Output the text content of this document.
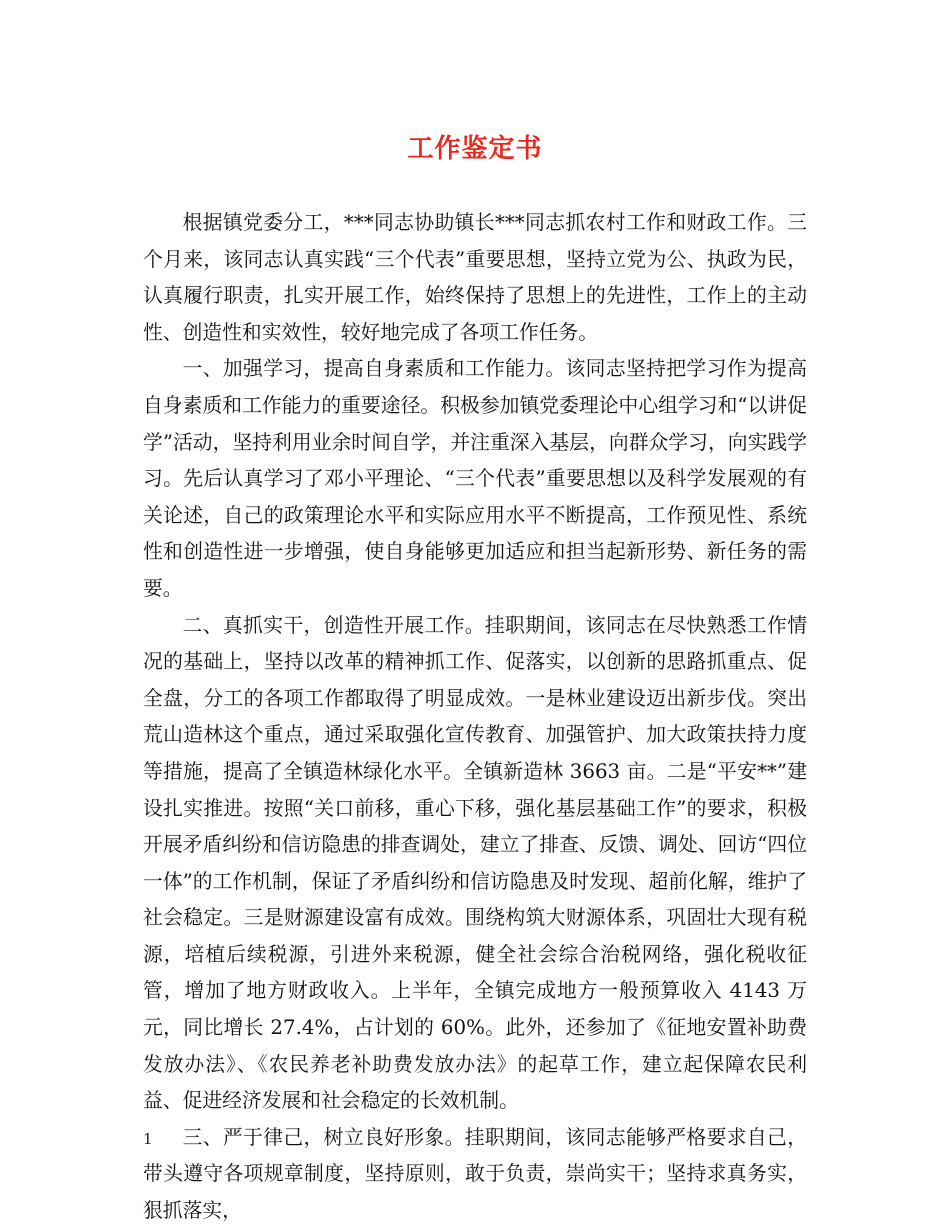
工作鉴定书

根据镇党委分工，***同志协助镇长***同志抓农村工作和财政工作。三个月来，该同志认真实践“三个代表”重要思想，坚持立党为公、执政为民，认真履行职责，扎实开展工作，始终保持了思想上的先进性，工作上的主动性、创造性和实效性，较好地完成了各项工作任务。

一、加强学习，提高自身素质和工作能力。该同志坚持把学习作为提高自身素质和工作能力的重要途径。积极参加镇党委理论中心组学习和“以讲促学”活动，坚持利用业余时间自学，并注重深入基层，向群众学习，向实践学习。先后认真学习了邓小平理论、“三个代表”重要思想以及科学发展观的有关论述，自己的政策理论水平和实际应用水平不断提高，工作预见性、系统性和创造性进一步增强，使自身能够更加适应和担当起新形势、新任务的需要。

二、真抓实干，创造性开展工作。挂职期间，该同志在尽快熟悉工作情况的基础上，坚持以改革的精神抓工作、促落实，以创新的思路抓重点、促全盘，分工的各项工作都取得了明显成效。一是林业建设迈出新步伐。突出荒山造林这个重点，通过采取强化宣传教育、加强管护、加大政策扶持力度等措施，提高了全镇造林绿化水平。全镇新造林 3663 亩。二是“平安**”建设扎实推进。按照“关口前移，重心下移，强化基层基础工作”的要求，积极开展矛盾纠纷和信访隐患的排查调处，建立了排查、反馈、调处、回访“四位一体”的工作机制，保证了矛盾纠纷和信访隐患及时发现、超前化解，维护了社会稳定。三是财源建设富有成效。围绕构筑大财源体系，巩固壮大现有税源，培植后续税源，引进外来税源，健全社会综合治税网络，强化税收征管，增加了地方财政收入。上半年，全镇完成地方一般预算收入 4143 万元，同比增长 27.4%，占计划的 60%。此外，还参加了《征地安置补助费发放办法》、《农民养老补助费发放办法》的起草工作，建立起保障农民利益、促进经济发展和社会稳定的长效机制。

三、严于律己，树立良好形象。挂职期间，该同志能够严格要求自己，带头遵守各项规章制度，坚持原则，敢于负责，崇尚实干；坚持求真务实，狠抓落实，

1
